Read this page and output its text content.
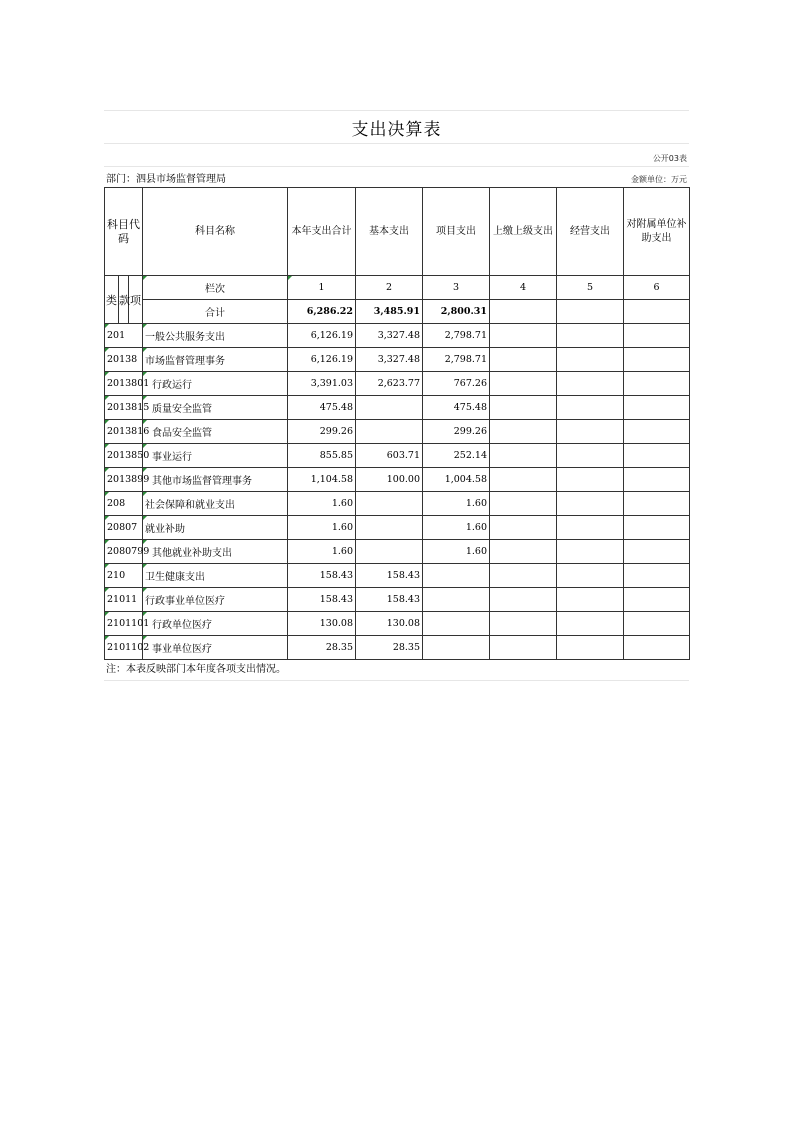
支出决算表
公开03表
部门：泗县市场监督管理局	金额单位：万元
科目代码			科目名称	本年支出合计	基本支出	项目支出	上缴上级支出	经营支出	对附属单位补助支出
类	款	项	栏次	1	2	3	4	5	6
			合计	6,286.22	3,485.91	2,800.31			
201			一般公共服务支出	6,126.19	3,327.48	2,798.71			
20138			市场监督管理事务	6,126.19	3,327.48	2,798.71			
2013801			行政运行	3,391.03	2,623.77	767.26			
2013815			质量安全监管	475.48		475.48			
2013816			食品安全监管	299.26		299.26			
2013850			事业运行	855.85	603.71	252.14			
2013899			其他市场监督管理事务	1,104.58	100.00	1,004.58			
208			社会保障和就业支出	1.60		1.60			
20807			就业补助	1.60		1.60			
2080799			其他就业补助支出	1.60		1.60			
210			卫生健康支出	158.43	158.43				
21011			行政事业单位医疗	158.43	158.43				
2101101			行政单位医疗	130.08	130.08				
2101102			事业单位医疗	28.35	28.35				
注：本表反映部门本年度各项支出情况。
